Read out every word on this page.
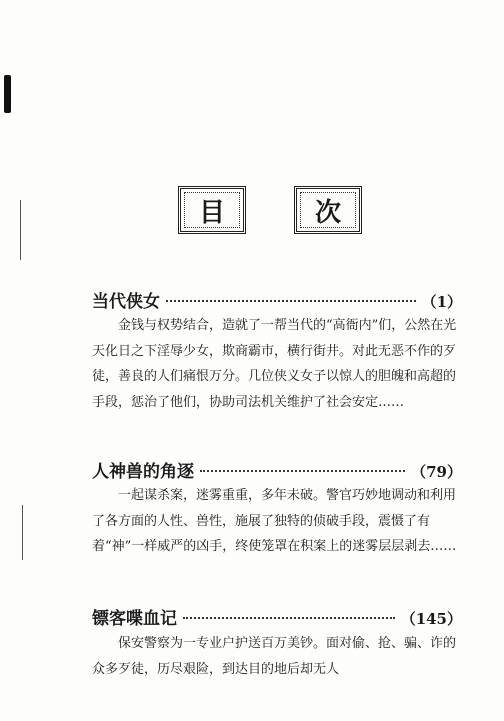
目	次
当代侠女	（1）

金钱与权势结合，造就了一帮当代的“高衙内”们，公然在光天化日之下淫辱少女，欺商霸市，横行街井。对此无恶不作的歹徒，善良的人们痛恨万分。几位侠义女子以惊人的胆魄和高超的手段，惩治了他们，协助司法机关维护了社会安定……

人神兽的角逐	（79）

一起谋杀案，迷雾重重，多年未破。警官巧妙地调动和利用了各方面的人性、兽性，施展了独特的侦破手段，震慑了有着“神”一样威严的凶手，终使笼罩在积案上的迷雾层层剥去……

镖客喋血记	（145）

保安警察为一专业户护送百万美钞。面对偷、抢、骗、诈的众多歹徒，历尽艰险，到达目的地后却无人
